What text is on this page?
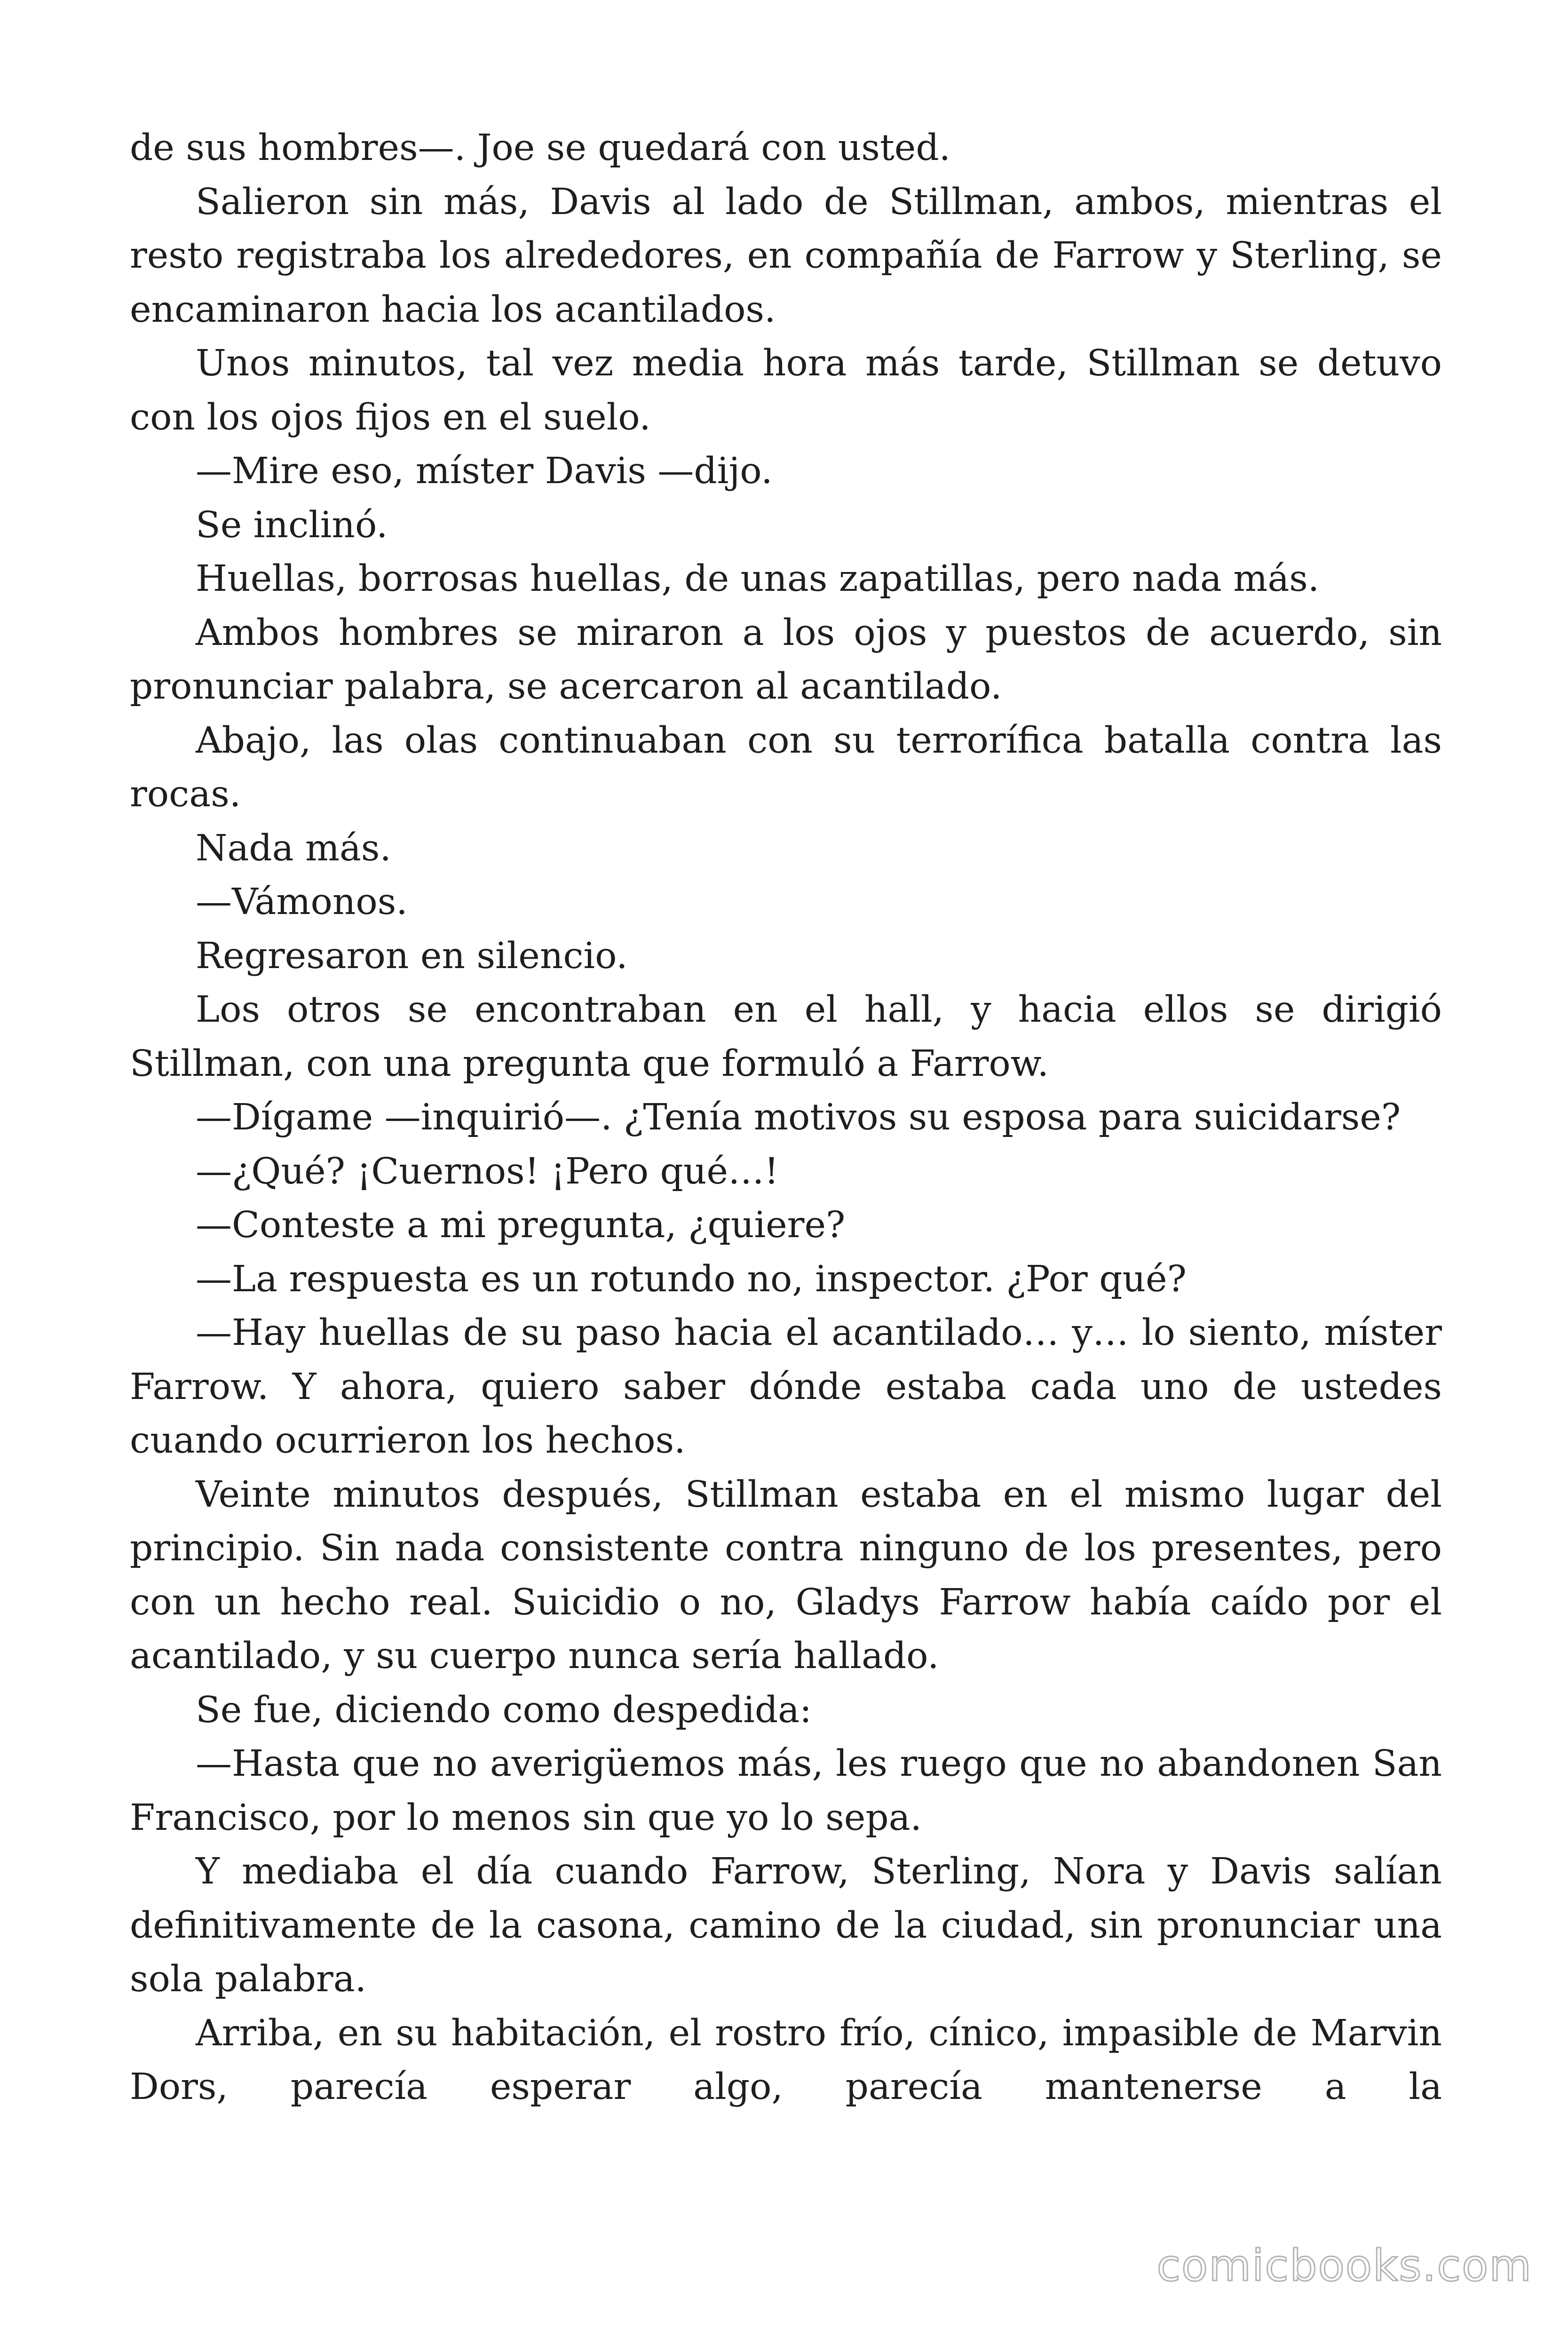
de sus hombres—. Joe se quedará con usted.

Salieron sin más, Davis al lado de Stillman, ambos, mientras el resto registraba los alrededores, en compañía de Farrow y Sterling, se encaminaron hacia los acantilados.

Unos minutos, tal vez media hora más tarde, Stillman se detuvo con los ojos fijos en el suelo.

—Mire eso, míster Davis —dijo.

Se inclinó.

Huellas, borrosas huellas, de unas zapatillas, pero nada más.

Ambos hombres se miraron a los ojos y puestos de acuerdo, sin pronunciar palabra, se acercaron al acantilado.

Abajo, las olas continuaban con su terrorífica batalla contra las rocas.

Nada más.

—Vámonos.

Regresaron en silencio.

Los otros se encontraban en el hall, y hacia ellos se dirigió Stillman, con una pregunta que formuló a Farrow.

—Dígame —inquirió—. ¿Tenía motivos su esposa para suicidarse?

—¿Qué? ¡Cuernos! ¡Pero qué…!

—Conteste a mi pregunta, ¿quiere?

—La respuesta es un rotundo no, inspector. ¿Por qué?

—Hay huellas de su paso hacia el acantilado… y… lo siento, míster Farrow. Y ahora, quiero saber dónde estaba cada uno de ustedes cuando ocurrieron los hechos.

Veinte minutos después, Stillman estaba en el mismo lugar del principio. Sin nada consistente contra ninguno de los presentes, pero con un hecho real. Suicidio o no, Gladys Farrow había caído por el acantilado, y su cuerpo nunca sería hallado.

Se fue, diciendo como despedida:

—Hasta que no averigüemos más, les ruego que no abandonen San Francisco, por lo menos sin que yo lo sepa.

Y mediaba el día cuando Farrow, Sterling, Nora y Davis salían definitivamente de la casona, camino de la ciudad, sin pronunciar una sola palabra.

Arriba, en su habitación, el rostro frío, cínico, impasible de Marvin Dors, parecía esperar algo, parecía mantenerse a la

comicbooks.com
